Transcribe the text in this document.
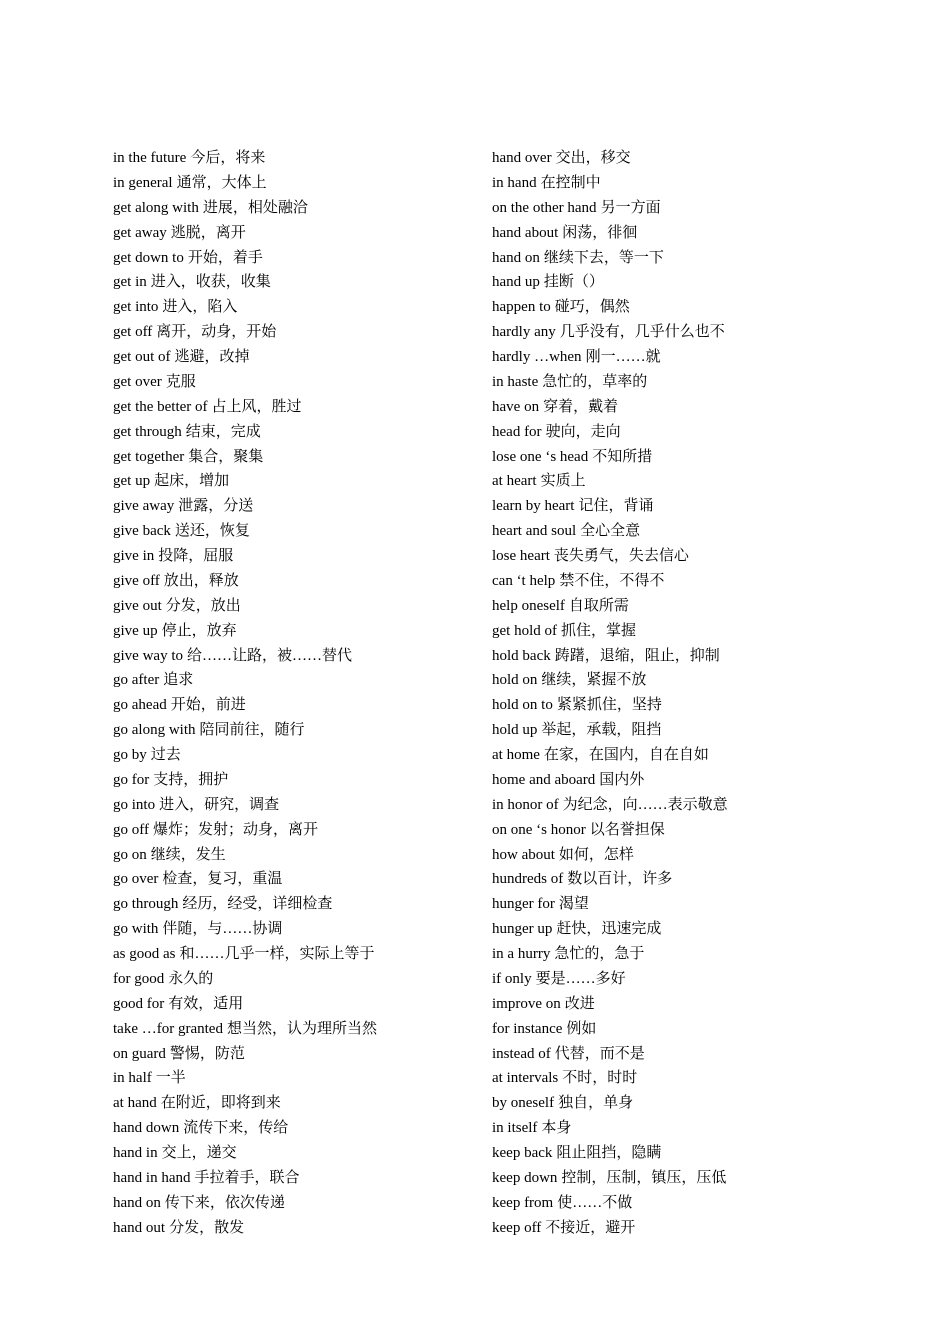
in the future 今后，将来
in general 通常，大体上
get along with 进展，相处融洽
get away 逃脱，离开
get down to 开始，着手
get in 进入，收获，收集
get into 进入，陷入
get off 离开，动身，开始
get out of 逃避，改掉
get over 克服
get the better of 占上风，胜过
get through 结束，完成
get together 集合，聚集
get up 起床，增加
give away 泄露，分送
give back 送还，恢复
give in 投降，屈服
give off 放出，释放
give out 分发，放出
give up 停止，放弃
give way to 给……让路，被……替代
go after 追求
go ahead 开始，前进
go along with 陪同前往，随行
go by 过去
go for 支持，拥护
go into 进入，研究，调查
go off 爆炸；发射；动身，离开
go on 继续，发生
go over 检查，复习，重温
go through 经历，经受，详细检查
go with 伴随，与……协调
as good as 和……几乎一样，实际上等于
for good 永久的
good for 有效，适用
take …for granted 想当然，认为理所当然
on guard 警惕，防范
in half 一半
at hand 在附近，即将到来
hand down 流传下来，传给
hand in 交上，递交
hand in hand 手拉着手，联合
hand on 传下来，依次传递
hand out 分发，散发
hand over 交出，移交
in hand 在控制中
on the other hand 另一方面
hand about 闲荡，徘徊
hand on 继续下去，等一下
hand up 挂断（）
happen to 碰巧，偶然
hardly any 几乎没有，几乎什么也不
hardly …when 刚一……就
in haste 急忙的，草率的
have on 穿着，戴着
head for 驶向，走向
lose one ‘s head 不知所措
at heart 实质上
learn by heart 记住，背诵
heart and soul 全心全意
lose heart 丧失勇气，失去信心
can ‘t help 禁不住，不得不
help oneself 自取所需
get hold of 抓住，掌握
hold back 踌躇，退缩，阻止，抑制
hold on 继续，紧握不放
hold on to 紧紧抓住，坚持
hold up 举起，承载，阻挡
at home 在家，在国内，自在自如
home and aboard 国内外
in honor of 为纪念，向……表示敬意
on one ‘s honor 以名誉担保
how about 如何，怎样
hundreds of 数以百计，许多
hunger for 渴望
hunger up 赶快，迅速完成
in a hurry 急忙的，急于
if only 要是……多好
improve on 改进
for instance 例如
instead of 代替，而不是
at intervals 不时，时时
by oneself 独自，单身
in itself 本身
keep back 阻止阻挡，隐瞒
keep down 控制，压制，镇压，压低
keep from 使……不做
keep off 不接近，避开
